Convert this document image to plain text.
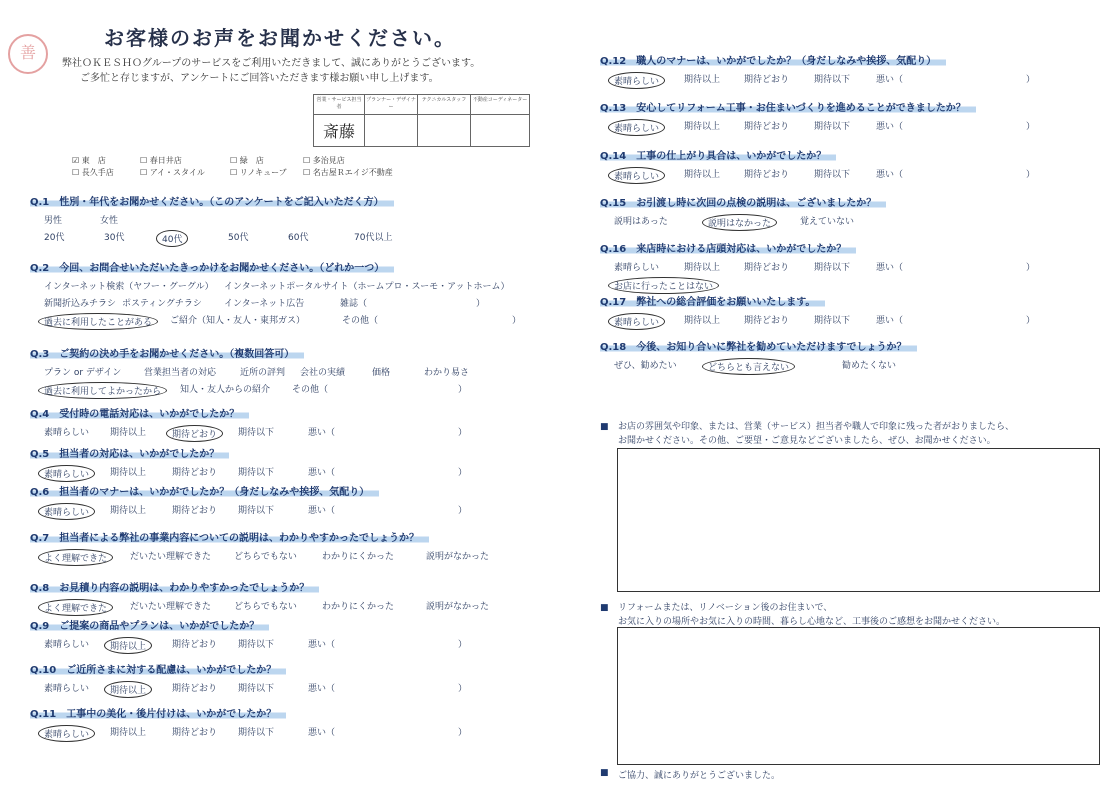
善
お客様のお声をお聞かせください。
弊社ＯＫＥＳＨＯグループのサービスをご利用いただきまして、誠にありがとうございます。
ご多忙と存じますが、アンケートにご回答いただきます様お願い申し上げます。
営業・サービス担当者	プランナー・デザイナー	テクニカルスタッフ	不動産コーディネーター
斎藤			
☑ 東　店	☐ 春日井店	☐ 緑　店	☐ 多治見店
☐ 長久手店	☐ アイ・スタイル	☐ リノキューブ ☐ 名古屋Ｒエイジ不動産
Q.1　性別・年代をお聞かせください。（このアンケートをご記入いただく方）
男性	女性
20代	30代	40代	50代	60代	70代以上
Q.2　今回、お問合せいただいたきっかけをお聞かせください。（どれか一つ）
インターネット検索（ヤフー・グーグル） インターネットポータルサイト（ホームプロ・スーモ・アットホーム）
新聞折込みチラシ ポスティングチラシ インターネット広告	雑誌（	）
過去に利用したことがある	ご紹介（知人・友人・東邦ガス）	その他（	）
Q.3　ご契約の決め手をお聞かせください。（複数回答可）
プラン or デザイン	営業担当者の対応	近所の評判 会社の実績	価格	わかり易さ
過去に利用してよかったから	知人・友人からの紹介 その他（	）
Q.4　受付時の電話対応は、いかがでしたか？
素晴らしい 期待以上	期待どおり	期待以下	悪い（	）
Q.5　担当者の対応は、いかがでしたか？
素晴らしい	期待以上	期待どおり 期待以下	悪い（	）
Q.6　担当者のマナーは、いかがでしたか？（身だしなみや挨拶、気配り）
素晴らしい	期待以上	期待どおり 期待以下	悪い（	）
Q.7　担当者による弊社の事業内容についての説明は、わかりやすかったでしょうか？
よく理解できた	だいたい理解できた	どちらでもない	わかりにくかった	説明がなかった
Q.8　お見積り内容の説明は、わかりやすかったでしょうか？
よく理解できた	だいたい理解できた	どちらでもない	わかりにくかった	説明がなかった
Q.9　ご提案の商品やプランは、いかがでしたか？
素晴らしい	期待以上	期待どおり 期待以下	悪い（	）
Q.10　ご近所さまに対する配慮は、いかがでしたか？
素晴らしい	期待以上	期待どおり 期待以下	悪い（	）
Q.11　工事中の美化・後片付けは、いかがでしたか？
素晴らしい	期待以上	期待どおり 期待以下	悪い（	）
Q.12　職人のマナーは、いかがでしたか？（身だしなみや挨拶、気配り）
素晴らしい	期待以上	期待どおり	期待以下	悪い（	）
Q.13　安心してリフォーム工事・お住まいづくりを進めることができましたか？
素晴らしい	期待以上	期待どおり	期待以下	悪い（	）
Q.14　工事の仕上がり具合は、いかがでしたか？
素晴らしい	期待以上	期待どおり	期待以下	悪い（	）
Q.15　お引渡し時に次回の点検の説明は、ございましたか？
説明はあった	説明はなかった	覚えていない
Q.16　来店時における店頭対応は、いかがでしたか？
素晴らしい	期待以上	期待どおり	期待以下	悪い（	）
お店に行ったことはない
Q.17　弊社への総合評価をお願いいたします。
素晴らしい	期待以上	期待どおり	期待以下	悪い（	）
Q.18　今後、お知り合いに弊社を勧めていただけますでしょうか？
ぜひ、勧めたい	どちらとも言えない	勧めたくない
■ お店の雰囲気や印象、または、営業（サービス）担当者や職人で印象に残った者がおりましたら、
お聞かせください。その他、ご要望・ご意見などございましたら、ぜひ、お聞かせください。
■ リフォームまたは、リノベーション後のお住まいで、
お気に入りの場所やお気に入りの時間、暮らし心地など、工事後のご感想をお聞かせください。
■ ご協力、誠にありがとうございました。
